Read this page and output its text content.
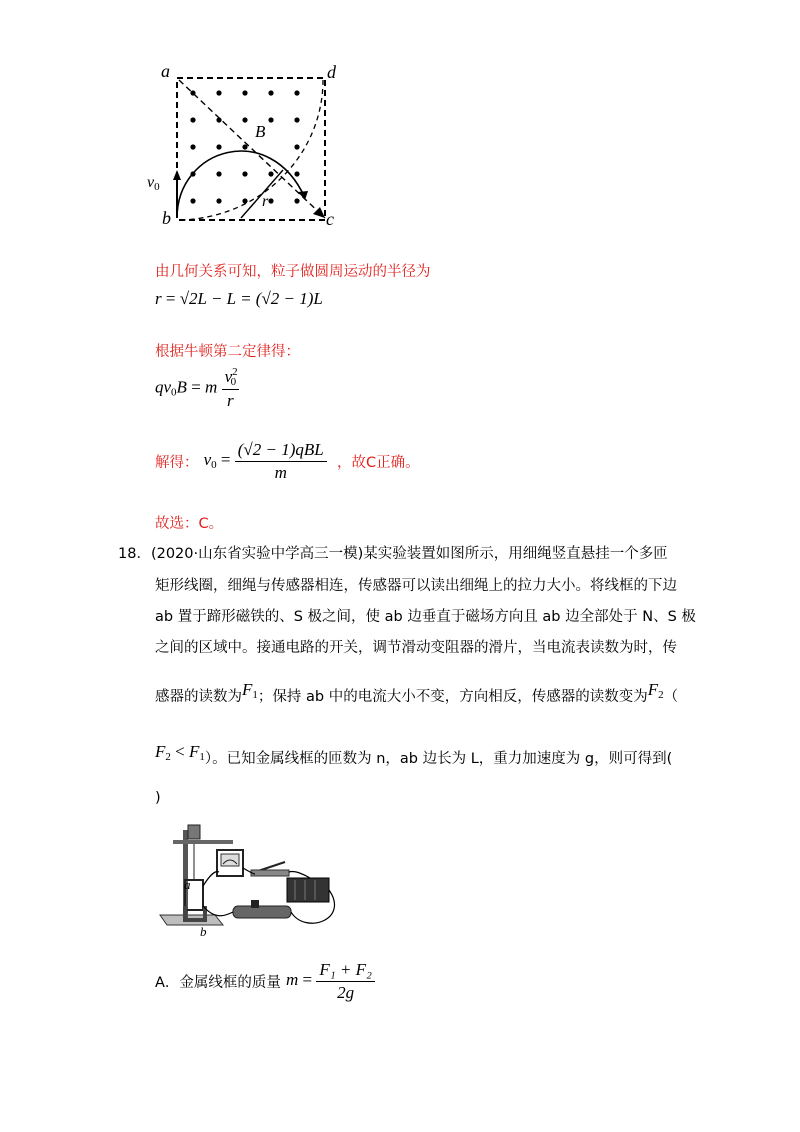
a	d
b	c
B
r
$v_0$
由几何关系可知，粒子做圆周运动的半径为
r = √2L − L = (√2 − 1)L
根据牛顿第二定律得：
$qv_0B = m \frac{v^2_0}{r}$
解得： $v_0 = \frac{\text{(√2 − 1)qBL}}{m}$ ，故C正确。
故选：C。
18．(2020·山东省实验中学高三一模)某实验装置如图所示，用细绳竖直悬挂一个多匝
矩形线圈，细绳与传感器相连，传感器可以读出细绳上的拉力大小。将线框的下边
ab 置于蹄形磁铁的、S 极之间，使 ab 边垂直于磁场方向且 ab 边全部处于 N、S 极
之间的区域中。接通电路的开关，调节滑动变阻器的滑片，当电流表读数为时，传
感器的读数为$F_1$；保持 ab 中的电流大小不变，方向相反，传感器的读数变为$F_2$（
$F_2 < F_1$）。已知金属线框的匝数为 n，ab 边长为 L，重力加速度为 g，则可得到(
)
a
b
A．金属线框的质量 $m = \frac{\text{F₁ + F₂}}{2g}$
